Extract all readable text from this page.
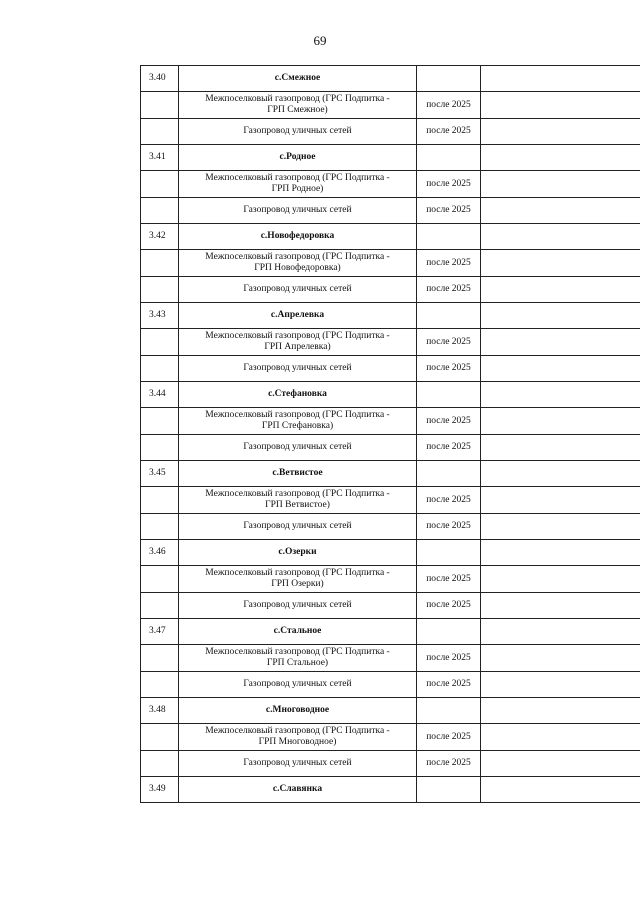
69
3.40	с.Смежное		
	Межпоселковый газопровод (ГРС Подпитка -
ГРП Смежное)	после 2025	
	Газопровод уличных сетей	после 2025	
3.41	с.Родное		
	Межпоселковый газопровод (ГРС Подпитка -
ГРП Родное)	после 2025	
	Газопровод уличных сетей	после 2025	
3.42	с.Новофедоровка		
	Межпоселковый газопровод (ГРС Подпитка -
ГРП Новофедоровка)	после 2025	
	Газопровод уличных сетей	после 2025	
3.43	с.Апрелевка		
	Межпоселковый газопровод (ГРС Подпитка -
ГРП Апрелевка)	после 2025	
	Газопровод уличных сетей	после 2025	
3.44	с.Стефановка		
	Межпоселковый газопровод (ГРС Подпитка -
ГРП Стефановка)	после 2025	
	Газопровод уличных сетей	после 2025	
3.45	с.Ветвистое		
	Межпоселковый газопровод (ГРС Подпитка -
ГРП Ветвистое)	после 2025	
	Газопровод уличных сетей	после 2025	
3.46	с.Озерки		
	Межпоселковый газопровод (ГРС Подпитка -
ГРП Озерки)	после 2025	
	Газопровод уличных сетей	после 2025	
3.47	с.Стальное		
	Межпоселковый газопровод (ГРС Подпитка -
ГРП Стальное)	после 2025	
	Газопровод уличных сетей	после 2025	
3.48	с.Многоводное		
	Межпоселковый газопровод (ГРС Подпитка -
ГРП Многоводное)	после 2025	
	Газопровод уличных сетей	после 2025	
3.49	с.Славянка		
